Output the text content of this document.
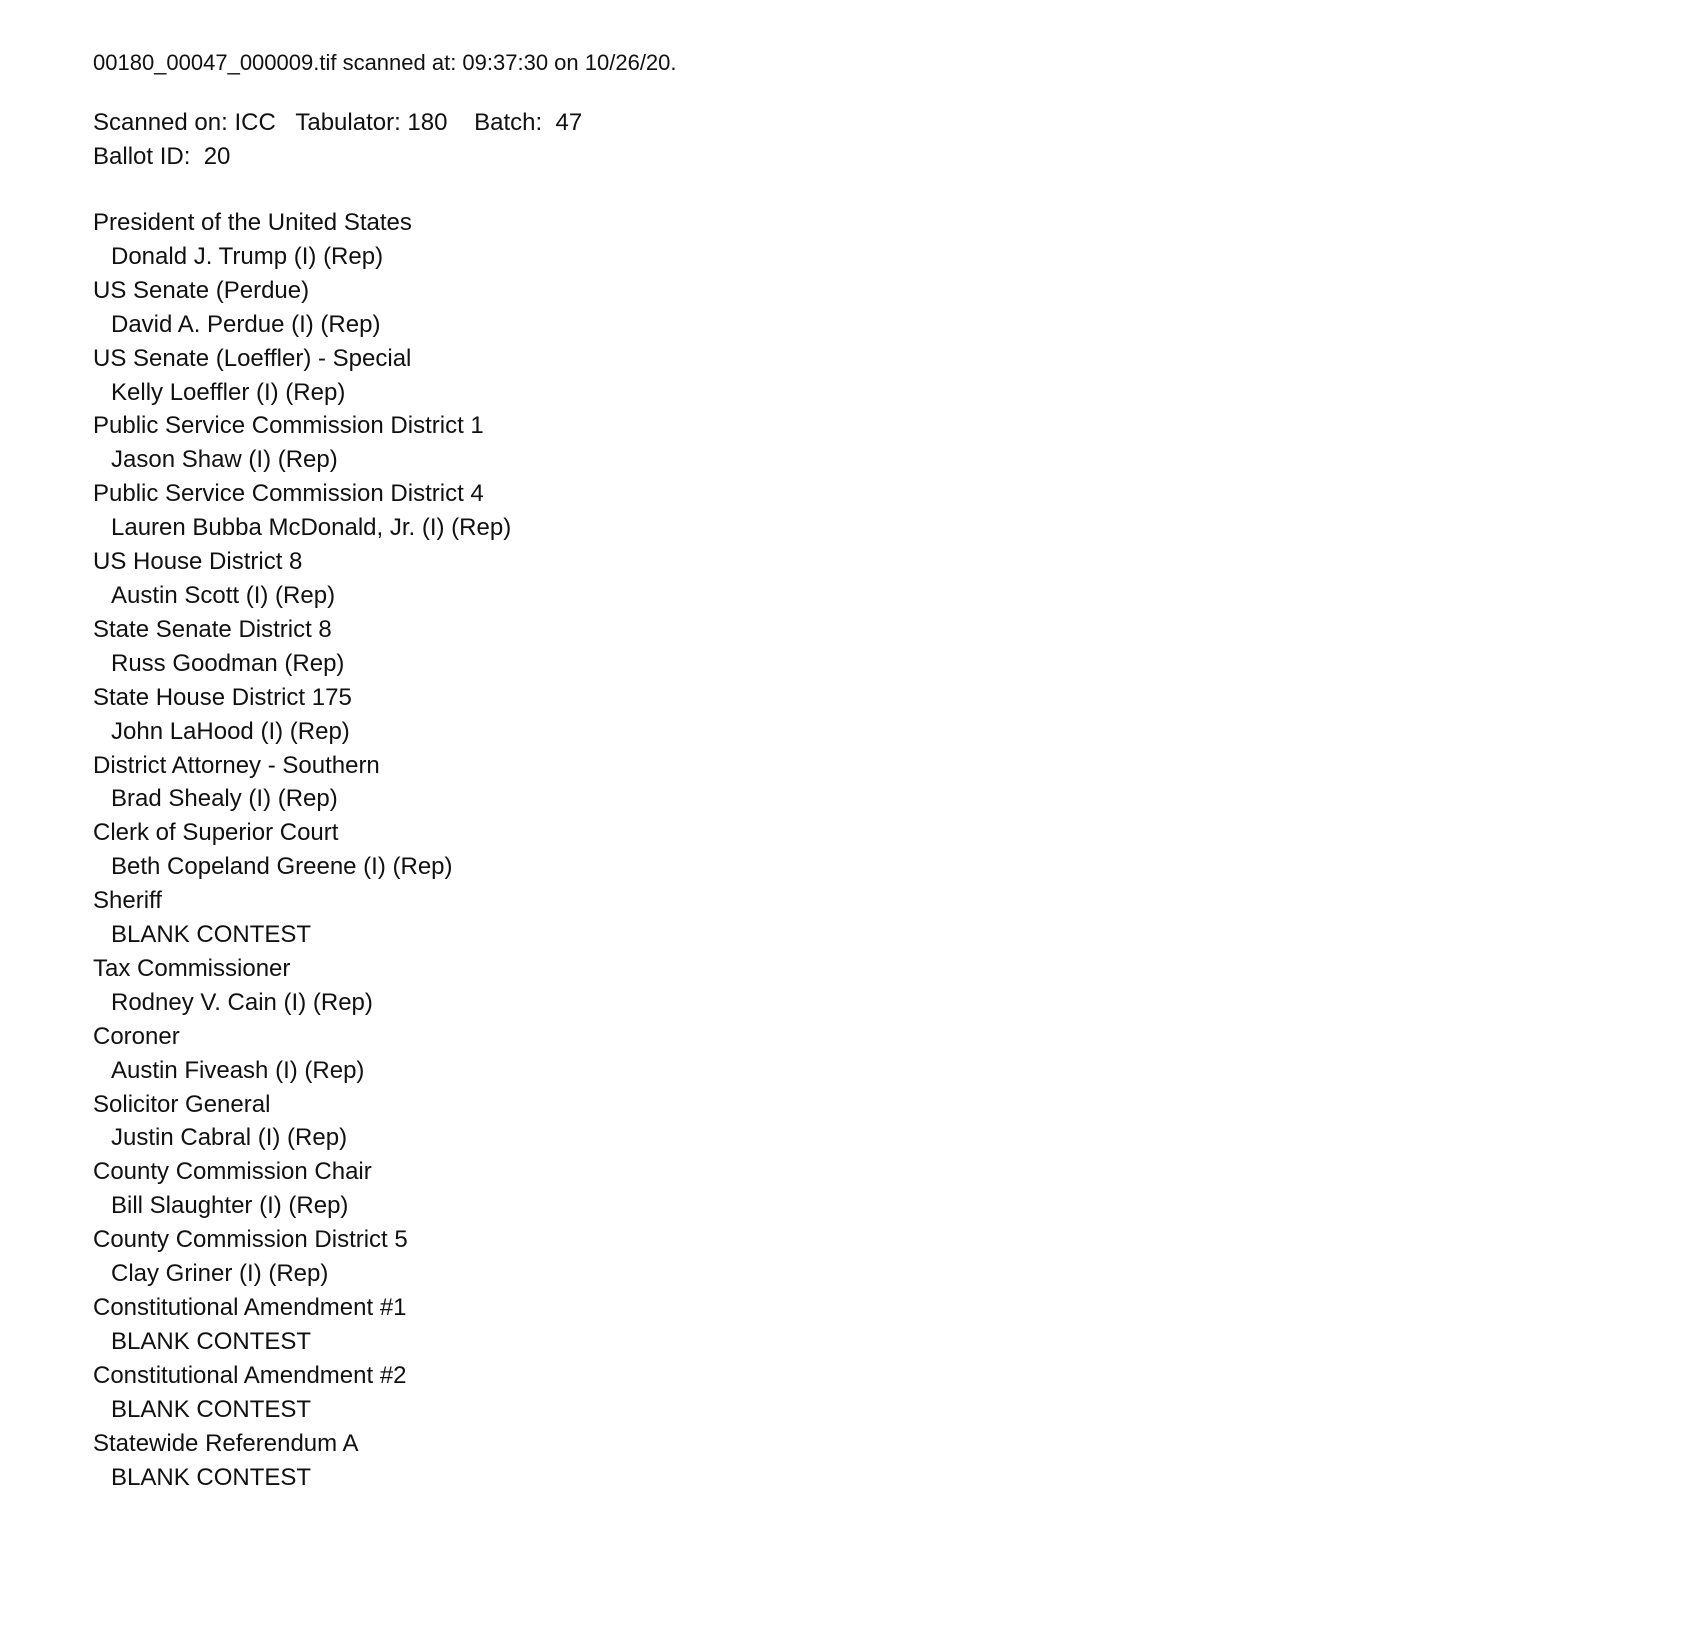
00180_00047_000009.tif scanned at: 09:37:30 on 10/26/20.
Scanned on: ICC   Tabulator: 180    Batch:  47
Ballot ID:  20
President of the United States
Donald J. Trump (I) (Rep)
US Senate (Perdue)
David A. Perdue (I) (Rep)
US Senate (Loeffler) - Special
Kelly Loeffler (I) (Rep)
Public Service Commission District 1
Jason Shaw (I) (Rep)
Public Service Commission District 4
Lauren Bubba McDonald, Jr. (I) (Rep)
US House District 8
Austin Scott (I) (Rep)
State Senate District 8
Russ Goodman (Rep)
State House District 175
John LaHood (I) (Rep)
District Attorney - Southern
Brad Shealy (I) (Rep)
Clerk of Superior Court
Beth Copeland Greene (I) (Rep)
Sheriff
BLANK CONTEST
Tax Commissioner
Rodney V. Cain (I) (Rep)
Coroner
Austin Fiveash (I) (Rep)
Solicitor General
Justin Cabral (I) (Rep)
County Commission Chair
Bill Slaughter (I) (Rep)
County Commission District 5
Clay Griner (I) (Rep)
Constitutional Amendment #1
BLANK CONTEST
Constitutional Amendment #2
BLANK CONTEST
Statewide Referendum A
BLANK CONTEST
